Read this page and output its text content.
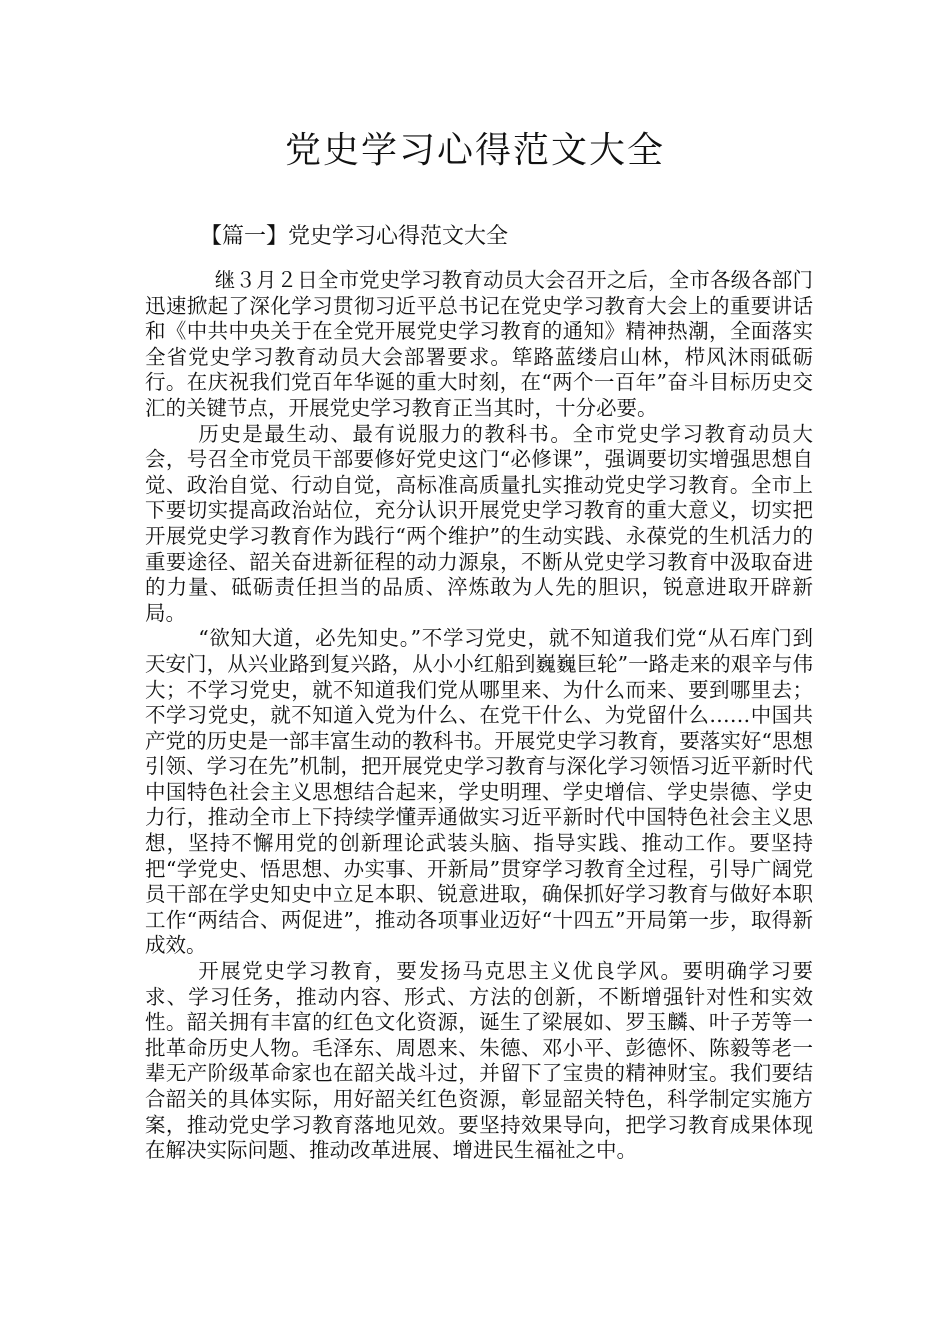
党史学习心得范文大全
【篇一】党史学习心得范文大全

继３月２日全市党史学习教育动员大会召开之后，全市各级各部门迅速掀起了深化学习贯彻习近平总书记在党史学习教育大会上的重要讲话和《中共中央关于在全党开展党史学习教育的通知》精神热潮，全面落实全省党史学习教育动员大会部署要求。筚路蓝缕启山林，栉风沐雨砥砺行。在庆祝我们党百年华诞的重大时刻，在“两个一百年”奋斗目标历史交汇的关键节点，开展党史学习教育正当其时，十分必要。

历史是最生动、最有说服力的教科书。全市党史学习教育动员大会，号召全市党员干部要修好党史这门“必修课”，强调要切实增强思想自觉、政治自觉、行动自觉，高标准高质量扎实推动党史学习教育。全市上下要切实提高政治站位，充分认识开展党史学习教育的重大意义，切实把开展党史学习教育作为践行“两个维护”的生动实践、永葆党的生机活力的重要途径、韶关奋进新征程的动力源泉，不断从党史学习教育中汲取奋进的力量、砥砺责任担当的品质、淬炼敢为人先的胆识，锐意进取开辟新局。

“欲知大道，必先知史。”不学习党史，就不知道我们党“从石库门到天安门，从兴业路到复兴路，从小小红船到巍巍巨轮”一路走来的艰辛与伟大；不学习党史，就不知道我们党从哪里来、为什么而来、要到哪里去；不学习党史，就不知道入党为什么、在党干什么、为党留什么……中国共产党的历史是一部丰富生动的教科书。开展党史学习教育，要落实好“思想引领、学习在先”机制，把开展党史学习教育与深化学习领悟习近平新时代中国特色社会主义思想结合起来，学史明理、学史增信、学史崇德、学史力行，推动全市上下持续学懂弄通做实习近平新时代中国特色社会主义思想，坚持不懈用党的创新理论武装头脑、指导实践、推动工作。要坚持把“学党史、悟思想、办实事、开新局”贯穿学习教育全过程，引导广阔党员干部在学史知史中立足本职、锐意进取，确保抓好学习教育与做好本职工作“两结合、两促进”，推动各项事业迈好“十四五”开局第一步，取得新成效。

开展党史学习教育，要发扬马克思主义优良学风。要明确学习要求、学习任务，推动内容、形式、方法的创新，不断增强针对性和实效性。韶关拥有丰富的红色文化资源，诞生了梁展如、罗玉麟、叶子芳等一批革命历史人物。毛泽东、周恩来、朱德、邓小平、彭德怀、陈毅等老一辈无产阶级革命家也在韶关战斗过，并留下了宝贵的精神财宝。我们要结合韶关的具体实际，用好韶关红色资源，彰显韶关特色，科学制定实施方案，推动党史学习教育落地见效。要坚持效果导向，把学习教育成果体现在解决实际问题、推动改革进展、增进民生福祉之中。
